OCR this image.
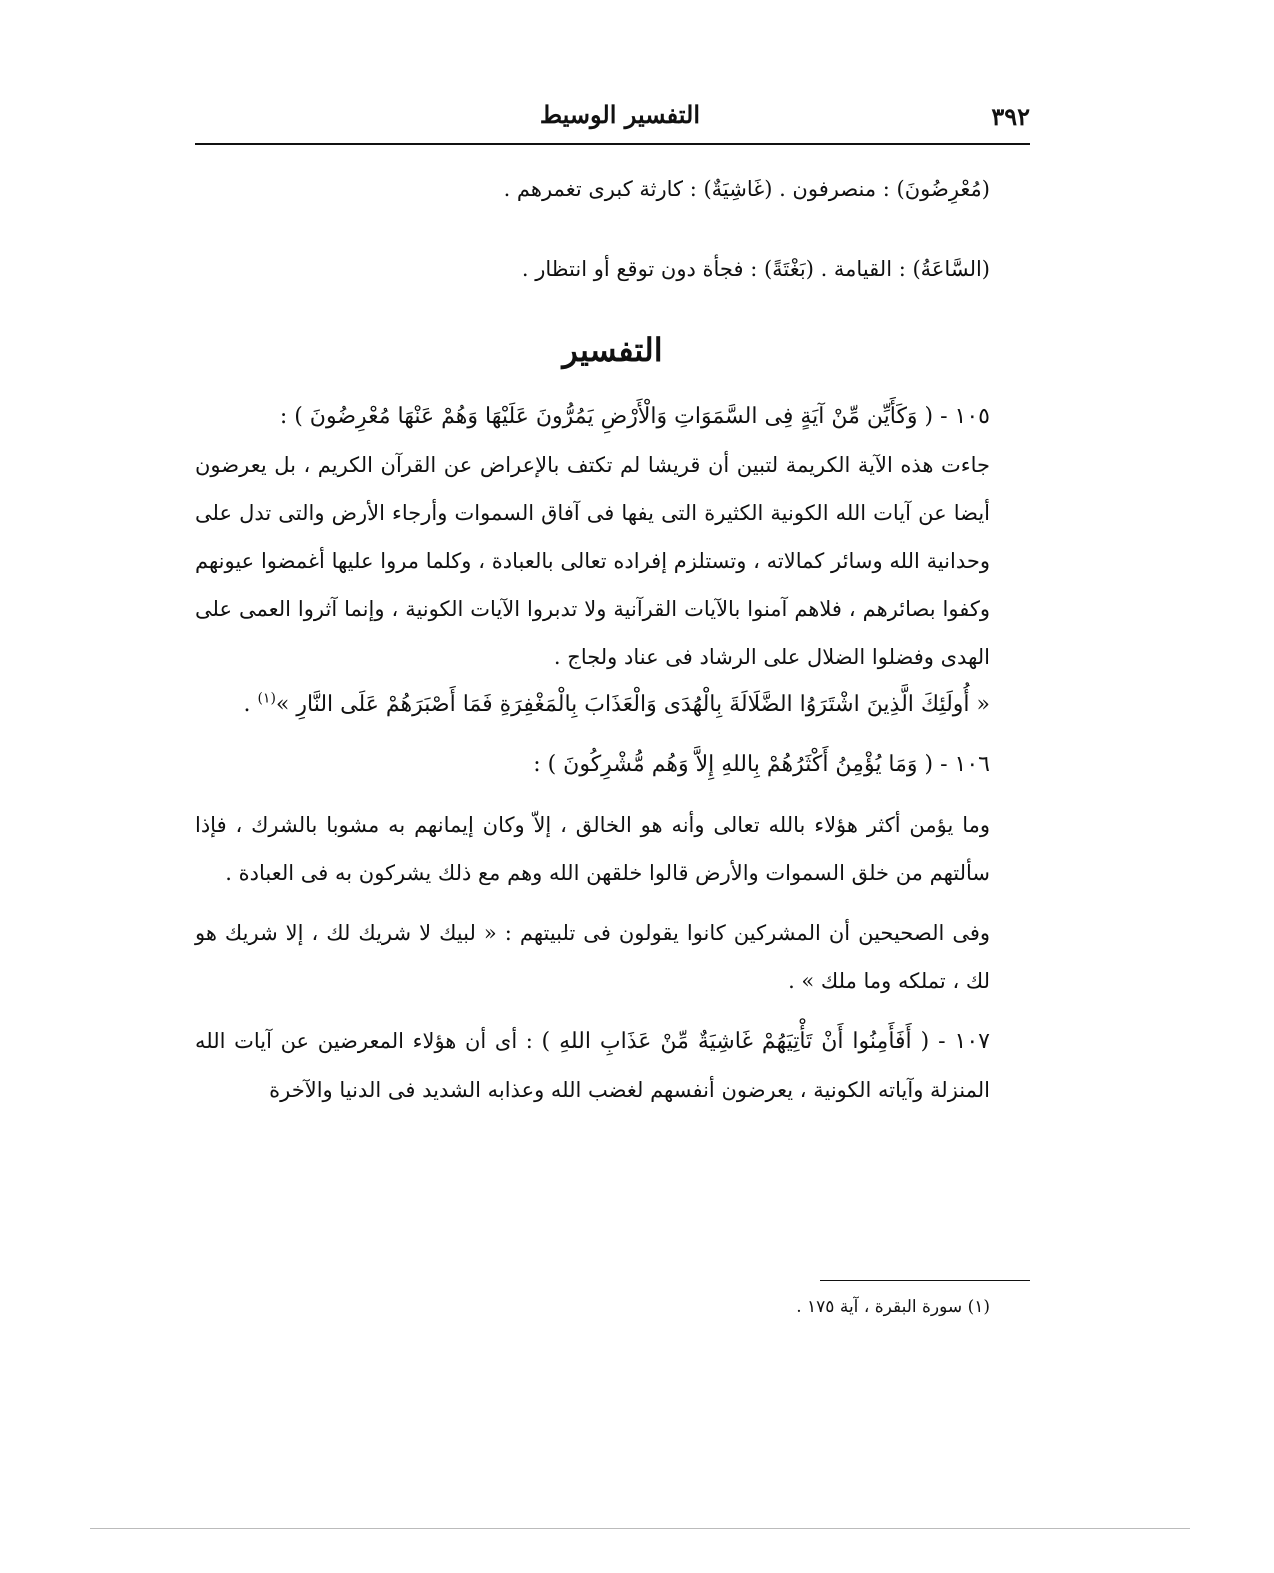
٣٩٢
التفسير الوسيط

(مُعْرِضُونَ) : منصرفون . (غَاشِيَةٌ) : كارثة كبرى تغمرهم .

(السَّاعَةُ) : القيامة . (بَغْتَةً) : فجأة دون توقع أو انتظار .

التفسير

١٠٥ - ( وَكَأَيِّن مِّنْ آيَةٍ فِى السَّمَوَاتِ وَالْأَرْضِ يَمُرُّونَ عَلَيْهَا وَهُمْ عَنْهَا مُعْرِضُونَ ) :

جاءت هذه الآية الكريمة لتبين أن قريشا لم تكتف بالإعراض عن القرآن الكريم ، بل يعرضون أيضا عن آيات الله الكونية الكثيرة التى يفها فى آفاق السموات وأرجاء الأرض والتى تدل على وحدانية الله وسائر كمالاته ، وتستلزم إفراده تعالى بالعبادة ، وكلما مروا عليها أغمضوا عيونهم وكفوا بصائرهم ، فلاهم آمنوا بالآيات القرآنية ولا تدبروا الآيات الكونية ، وإنما آثروا العمى على الهدى وفضلوا الضلال على الرشاد فى عناد ولجاج .

« أُولَئِكَ الَّذِينَ اشْتَرَوُا الضَّلَالَةَ بِالْهُدَى وَالْعَذَابَ بِالْمَغْفِرَةِ فَمَا أَصْبَرَهُمْ عَلَى النَّارِ »$^{(١)}$ .

١٠٦ - ( وَمَا يُؤْمِنُ أَكْثَرُهُمْ بِاللهِ إِلاَّ وَهُم مُّشْرِكُونَ ) :

وما يؤمن أكثر هؤلاء بالله تعالى وأنه هو الخالق ، إلاّ وكان إيمانهم به مشوبا بالشرك ، فإذا سألتهم من خلق السموات والأرض قالوا خلقهن الله وهم مع ذلك يشركون به فى العبادة .

وفى الصحيحين أن المشركين كانوا يقولون فى تلبيتهم : « لبيك لا شريك لك ، إلا شريك هو لك ، تملكه وما ملك » .

١٠٧ - ( أَفَأَمِنُوا أَنْ تَأْتِيَهُمْ غَاشِيَةٌ مِّنْ عَذَابِ اللهِ ) : أى أن هؤلاء المعرضين عن آيات الله المنزلة وآياته الكونية ، يعرضون أنفسهم لغضب الله وعذابه الشديد فى الدنيا والآخرة

(١) سورة البقرة ، آية ١٧٥ .
